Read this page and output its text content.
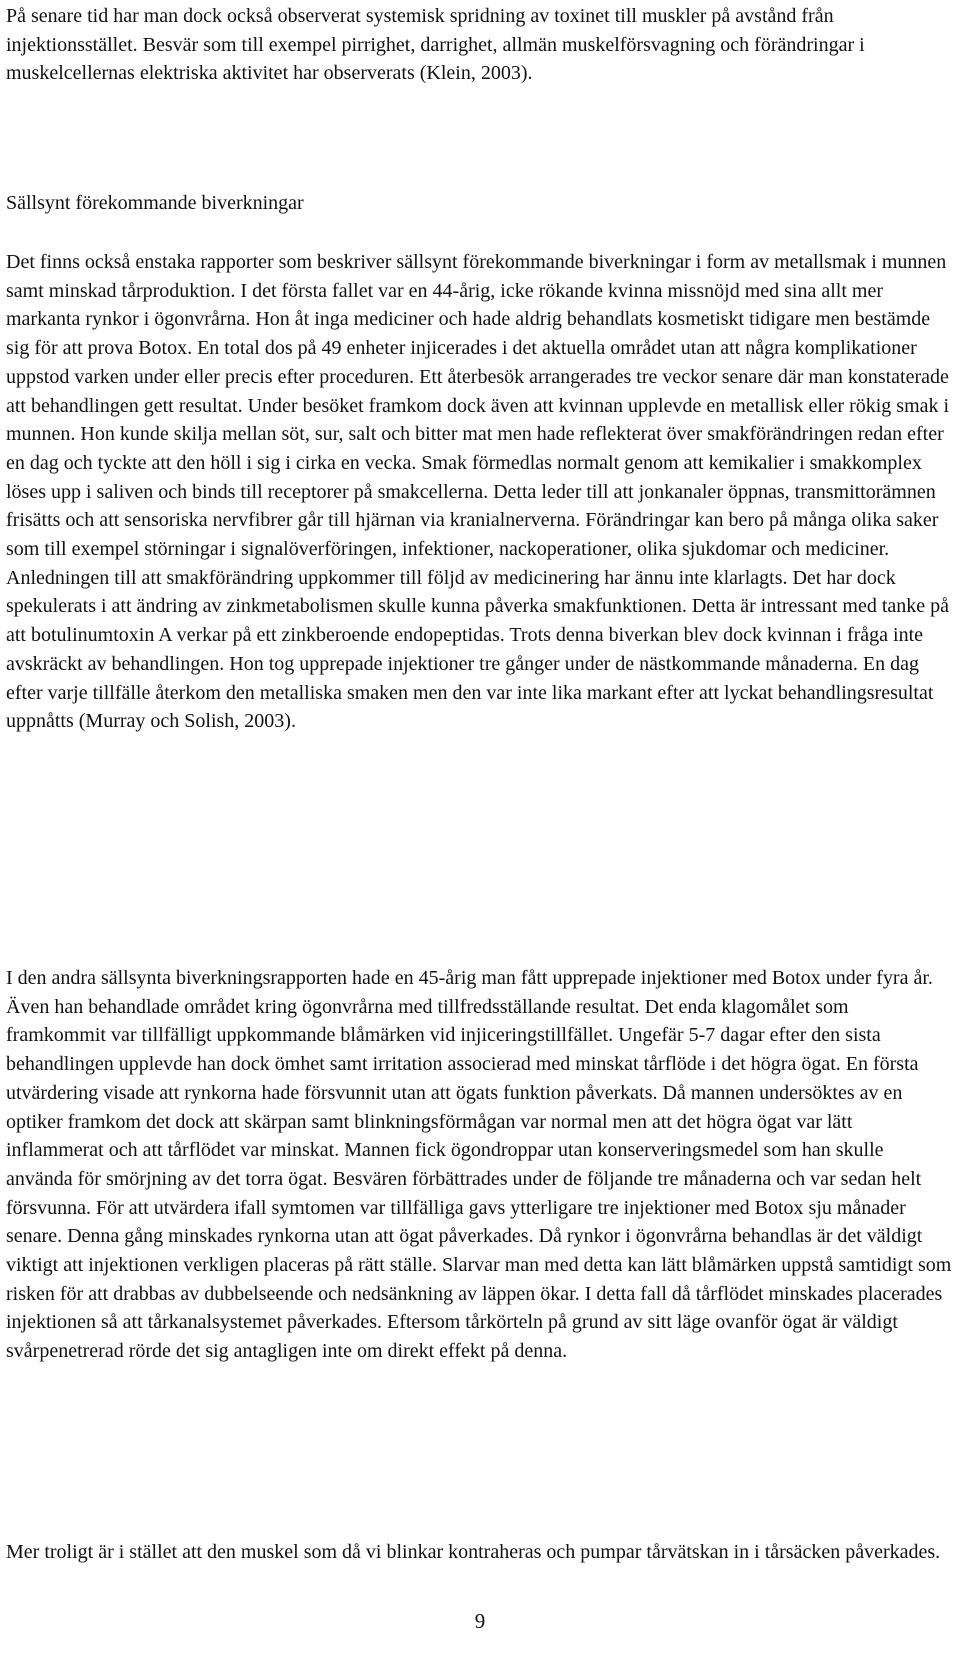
På senare tid har man dock också observerat systemisk spridning av toxinet till muskler på avstånd från injektionsstället. Besvär som till exempel pirrighet, darrighet, allmän muskelförsvagning och förändringar i muskelcellernas elektriska aktivitet har observerats (Klein, 2003).

Sällsynt förekommande biverkningar

Det finns också enstaka rapporter som beskriver sällsynt förekommande biverkningar i form av metallsmak i munnen samt minskad tårproduktion. I det första fallet var en 44-årig, icke rökande kvinna missnöjd med sina allt mer markanta rynkor i ögonvrårna. Hon åt inga mediciner och hade aldrig behandlats kosmetiskt tidigare men bestämde sig för att prova Botox. En total dos på 49 enheter injicerades i det aktuella området utan att några komplikationer uppstod varken under eller precis efter proceduren. Ett återbesök arrangerades tre veckor senare där man konstaterade att behandlingen gett resultat. Under besöket framkom dock även att kvinnan upplevde en metallisk eller rökig smak i munnen. Hon kunde skilja mellan söt, sur, salt och bitter mat men hade reflekterat över smakförändringen redan efter en dag och tyckte att den höll i sig i cirka en vecka. Smak förmedlas normalt genom att kemikalier i smakkomplex löses upp i saliven och binds till receptorer på smakcellerna. Detta leder till att jonkanaler öppnas, transmittorämnen frisätts och att sensoriska nervfibrer går till hjärnan via kranialnerverna. Förändringar kan bero på många olika saker som till exempel störningar i signalöverföringen, infektioner, nackoperationer, olika sjukdomar och mediciner. Anledningen till att smakförändring uppkommer till följd av medicinering har ännu inte klarlagts. Det har dock spekulerats i att ändring av zinkmetabolismen skulle kunna påverka smakfunktionen. Detta är intressant med tanke på att botulinumtoxin A verkar på ett zinkberoende endopeptidas. Trots denna biverkan blev dock kvinnan i fråga inte avskräckt av behandlingen. Hon tog upprepade injektioner tre gånger under de nästkommande månaderna. En dag efter varje tillfälle återkom den metalliska smaken men den var inte lika markant efter att lyckat behandlingsresultat uppnåtts (Murray och Solish, 2003).

I den andra sällsynta biverkningsrapporten hade en 45-årig man fått upprepade injektioner med Botox under fyra år. Även han behandlade området kring ögonvrårna med tillfredsställande resultat. Det enda klagomålet som framkommit var tillfälligt uppkommande blåmärken vid injiceringstillfället. Ungefär 5-7 dagar efter den sista behandlingen upplevde han dock ömhet samt irritation associerad med minskat tårflöde i det högra ögat. En första utvärdering visade att rynkorna hade försvunnit utan att ögats funktion påverkats. Då mannen undersöktes av en optiker framkom det dock att skärpan samt blinkningsförmågan var normal men att det högra ögat var lätt inflammerat och att tårflödet var minskat. Mannen fick ögondroppar utan konserveringsmedel som han skulle använda för smörjning av det torra ögat. Besvären förbättrades under de följande tre månaderna och var sedan helt försvunna. För att utvärdera ifall symtomen var tillfälliga gavs ytterligare tre injektioner med Botox sju månader senare. Denna gång minskades rynkorna utan att ögat påverkades. Då rynkor i ögonvrårna behandlas är det väldigt viktigt att injektionen verkligen placeras på rätt ställe. Slarvar man med detta kan lätt blåmärken uppstå samtidigt som risken för att drabbas av dubbelseende och nedsänkning av läppen ökar. I detta fall då tårflödet minskades placerades injektionen så att tårkanalsystemet påverkades. Eftersom tårkörteln på grund av sitt läge ovanför ögat är väldigt svårpenetrerad rörde det sig antagligen inte om direkt effekt på denna.

Mer troligt är i stället att den muskel som då vi blinkar kontraheras och pumpar tårvätskan in i tårsäcken påverkades.

9
